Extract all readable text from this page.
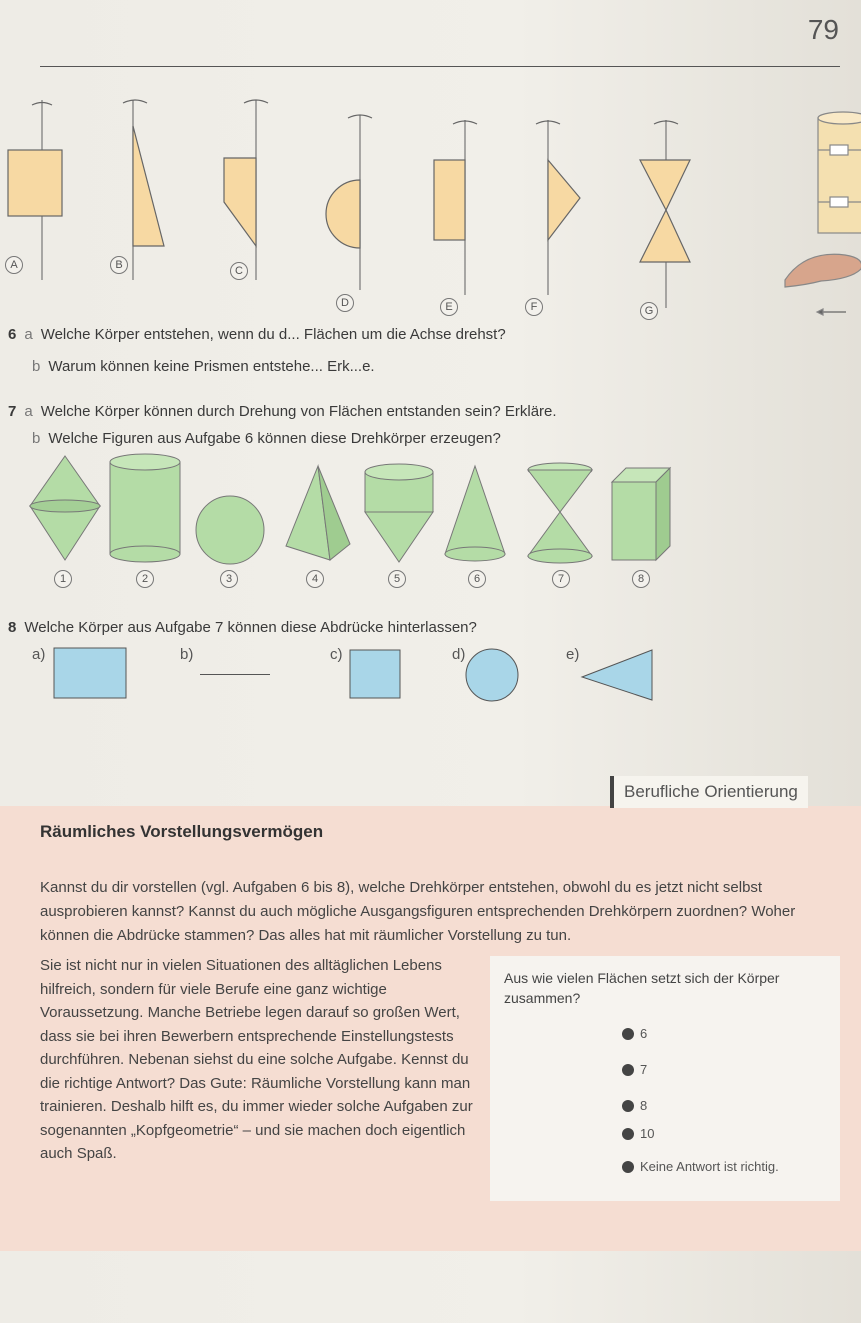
79
A	B	C
D	E	F	G
6 a Welche Körper entstehen, wenn du d... Flächen um die Achse drehst?
b Warum können keine Prismen entstehe... Erk...e.
7 a Welche Körper können durch Drehung von Flächen entstanden sein? Erkläre.
b Welche Figuren aus Aufgabe 6 können diese Drehkörper erzeugen?
1	2	3	4	5	6	7	8
8 Welche Körper aus Aufgabe 7 können diese Abdrücke hinterlassen?
a)	b)	c)	d)	e)
Berufliche Orientierung
Räumliches Vorstellungsvermögen
Kannst du dir vorstellen (vgl. Aufgaben 6 bis 8), welche Drehkörper entstehen, obwohl du es jetzt nicht selbst ausprobieren kannst? Kannst du auch mögliche Ausgangsfiguren entsprechenden Drehkörpern zuordnen? Woher können die Abdrücke stammen? Das alles hat mit räumlicher Vorstellung zu tun.
Sie ist nicht nur in vielen Situationen des alltäglichen Lebens hilfreich, sondern für viele Berufe eine ganz wichtige Voraussetzung. Manche Betriebe legen darauf so großen Wert, dass sie bei ihren Bewerbern entsprechende Einstellungstests durchführen. Nebenan siehst du eine solche Aufgabe. Kennst du die richtige Antwort? Das Gute: Räumliche Vorstellung kann man trainieren. Deshalb hilft es, du immer wieder solche Aufgaben zur sogenannten „Kopfgeometrie“ – und sie machen doch eigentlich auch Spaß.
Aus wie vielen Flächen setzt sich der Körper zusammen?
6
7
8
10
Keine Antwort ist richtig.
